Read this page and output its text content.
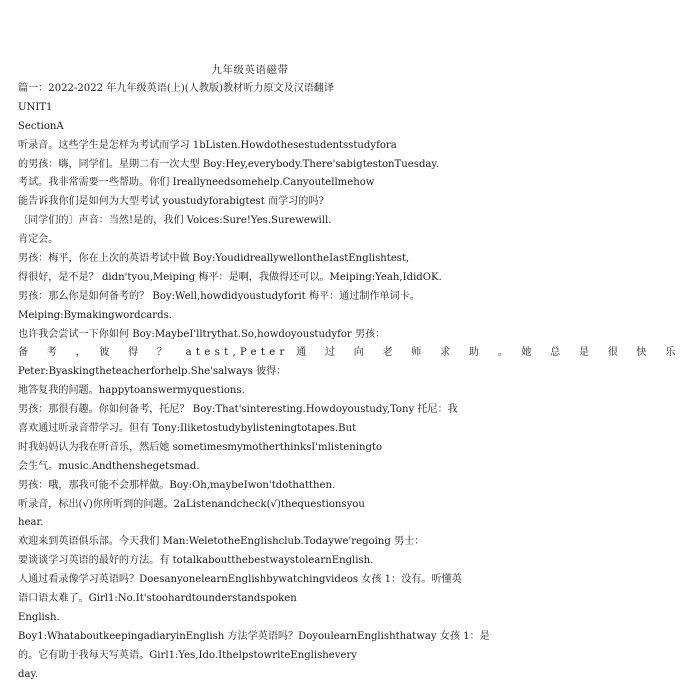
九年级英语磁带
篇一：2022-2022 年九年级英语(上)(人教版)教材听力原文及汉语翻译
UNIT1
SectionA
听录音。这些学生是怎样为考试而学习 1bListen.Howdothesestudentsstudyfora
的男孩：嗨，同学们。星期二有一次大型 Boy:Hey,everybody.There'sabigtestonTuesday.
考试。我非常需要一些帮助。你们 Ireallyneedsomehelp.Canyoutellmehow
能告诉我你们是如何为大型考试 youstudyforabigtest 而学习的吗?
〔同学们的〕声音：当然!是的，我们 Voices:Sure!Yes.Surewewill.
肯定会。
男孩：梅平，你在上次的英语考试中做 Boy:YoudidreallywellontheIastEnglishtest,
得很好，是不是？ didn'tyou,Meiping 梅平：是啊，我做得还可以。Meiping:Yeah,IdidOK.
男孩：那么你是如何备考的？ Boy:Well,howdidyoustudyforit 梅平：通过制作单词卡。
Meiping:Bymakingwordcards.
也许我会尝试一下你如何 Boy:MaybeI'lltrythat.So,howdoyoustudyfor 男孩：
备　考　，　彼　得　？　atest,Peter 通　过　向　老　师　求　助　。　她　总　是　很　快　乐
Peter:Byaskingtheteacherforhelp.She'salways 彼得：
地答复我的问题。happytoanswermyquestions.
男孩：那很有趣。你如何备考，托尼？ Boy:That'sinteresting.Howdoyoustudy,Tony 托尼：我
喜欢通过听录音带学习。但有 Tony:Iliketostudybylisteningtotapes.But
时我妈妈认为我在听音乐，然后她 sometimesmymotherthinksI'mlisteningto
会生气。music.Andthenshegetsmad.
男孩：哦，那我可能不会那样做。Boy:Oh,maybeIwon'tdothatthen.
听录音，标出(√)你所听到的问题。2aListenandcheck(√)thequestionsyou
hear.
欢迎来到英语俱乐部。今天我们 Man:WeletotheEnglishclub.Todaywe'regoing 男士：
要谈谈学习英语的最好的方法。有 totalkaboutthebestwaystolearnEnglish.
人通过看录像学习英语吗？DoesanyonelearnEnglishbywatchingvideos 女孩 1：没有。听懂英
语口语太难了。Girl1:No.It'stoohardtounderstandspoken
English.
Boy1:WhataboutkeepingadiaryinEnglish 方法学英语吗？DoyoulearnEnglishthatway 女孩 1：是
的。它有助于我每天写英语。Girl1:Yes,Ido.IthelpstowriteEnglishevery
day.
